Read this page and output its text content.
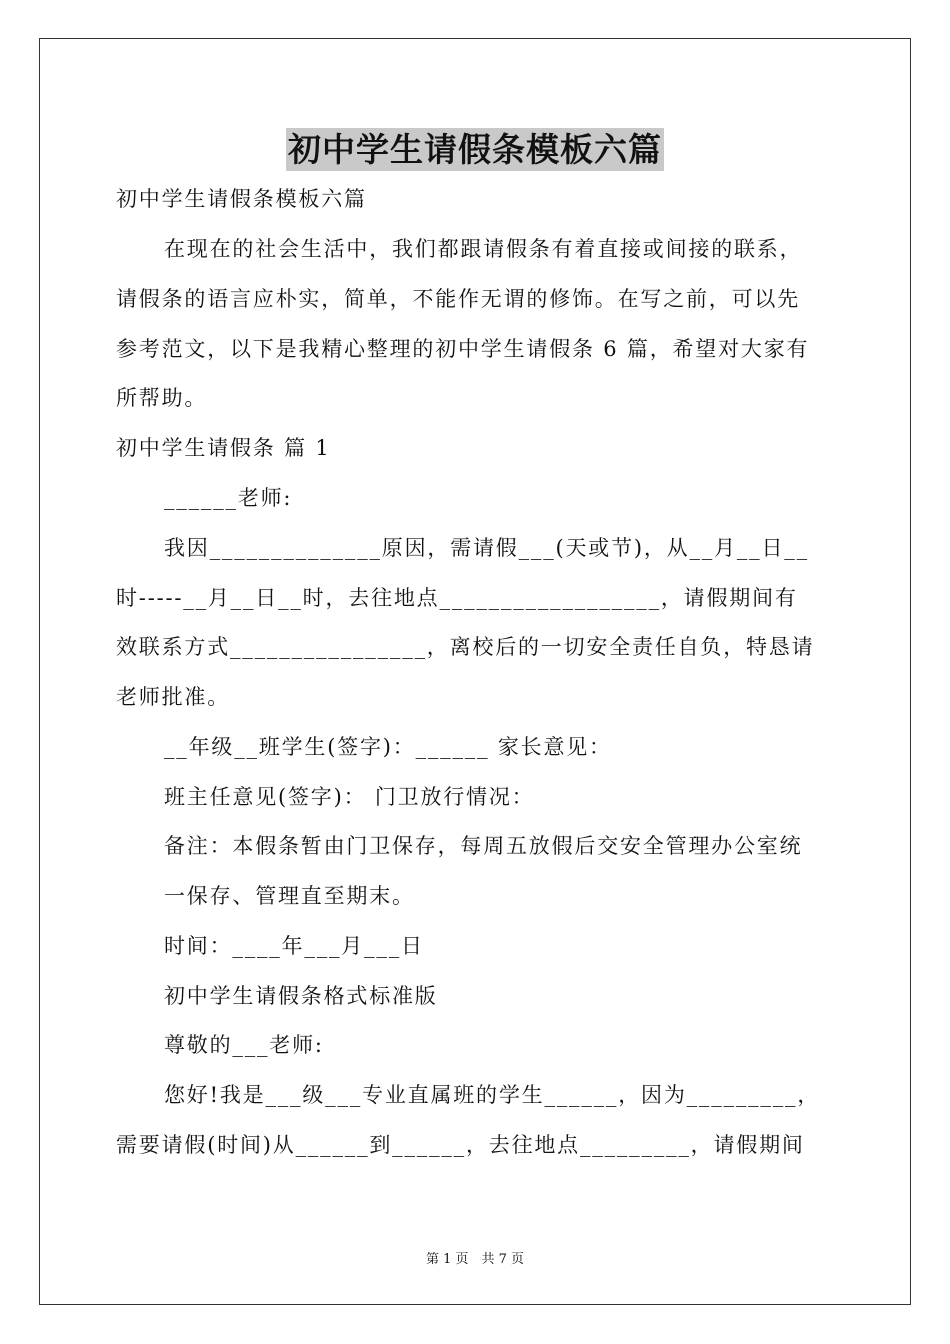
初中学生请假条模板六篇
初中学生请假条模板六篇
在现在的社会生活中，我们都跟请假条有着直接或间接的联系，
请假条的语言应朴实，简单，不能作无谓的修饰。在写之前，可以先
参考范文，以下是我精心整理的初中学生请假条 6 篇，希望对大家有
所帮助。
初中学生请假条 篇 1
______老师:
我因______________原因，需请假___(天或节)，从__月__日__
时-----__月__日__时，去往地点__________________，请假期间有
效联系方式________________，离校后的一切安全责任自负，特恳请
老师批准。
__年级__班学生(签字)：______ 家长意见：
班主任意见(签字)： 门卫放行情况：
备注：本假条暂由门卫保存，每周五放假后交安全管理办公室统
一保存、管理直至期末。
时间：____年___月___日
初中学生请假条格式标准版
尊敬的___老师:
您好!我是___级___专业直属班的学生______，因为_________，
需要请假(时间)从______到______，去往地点_________，请假期间
第 1 页　共 7 页
